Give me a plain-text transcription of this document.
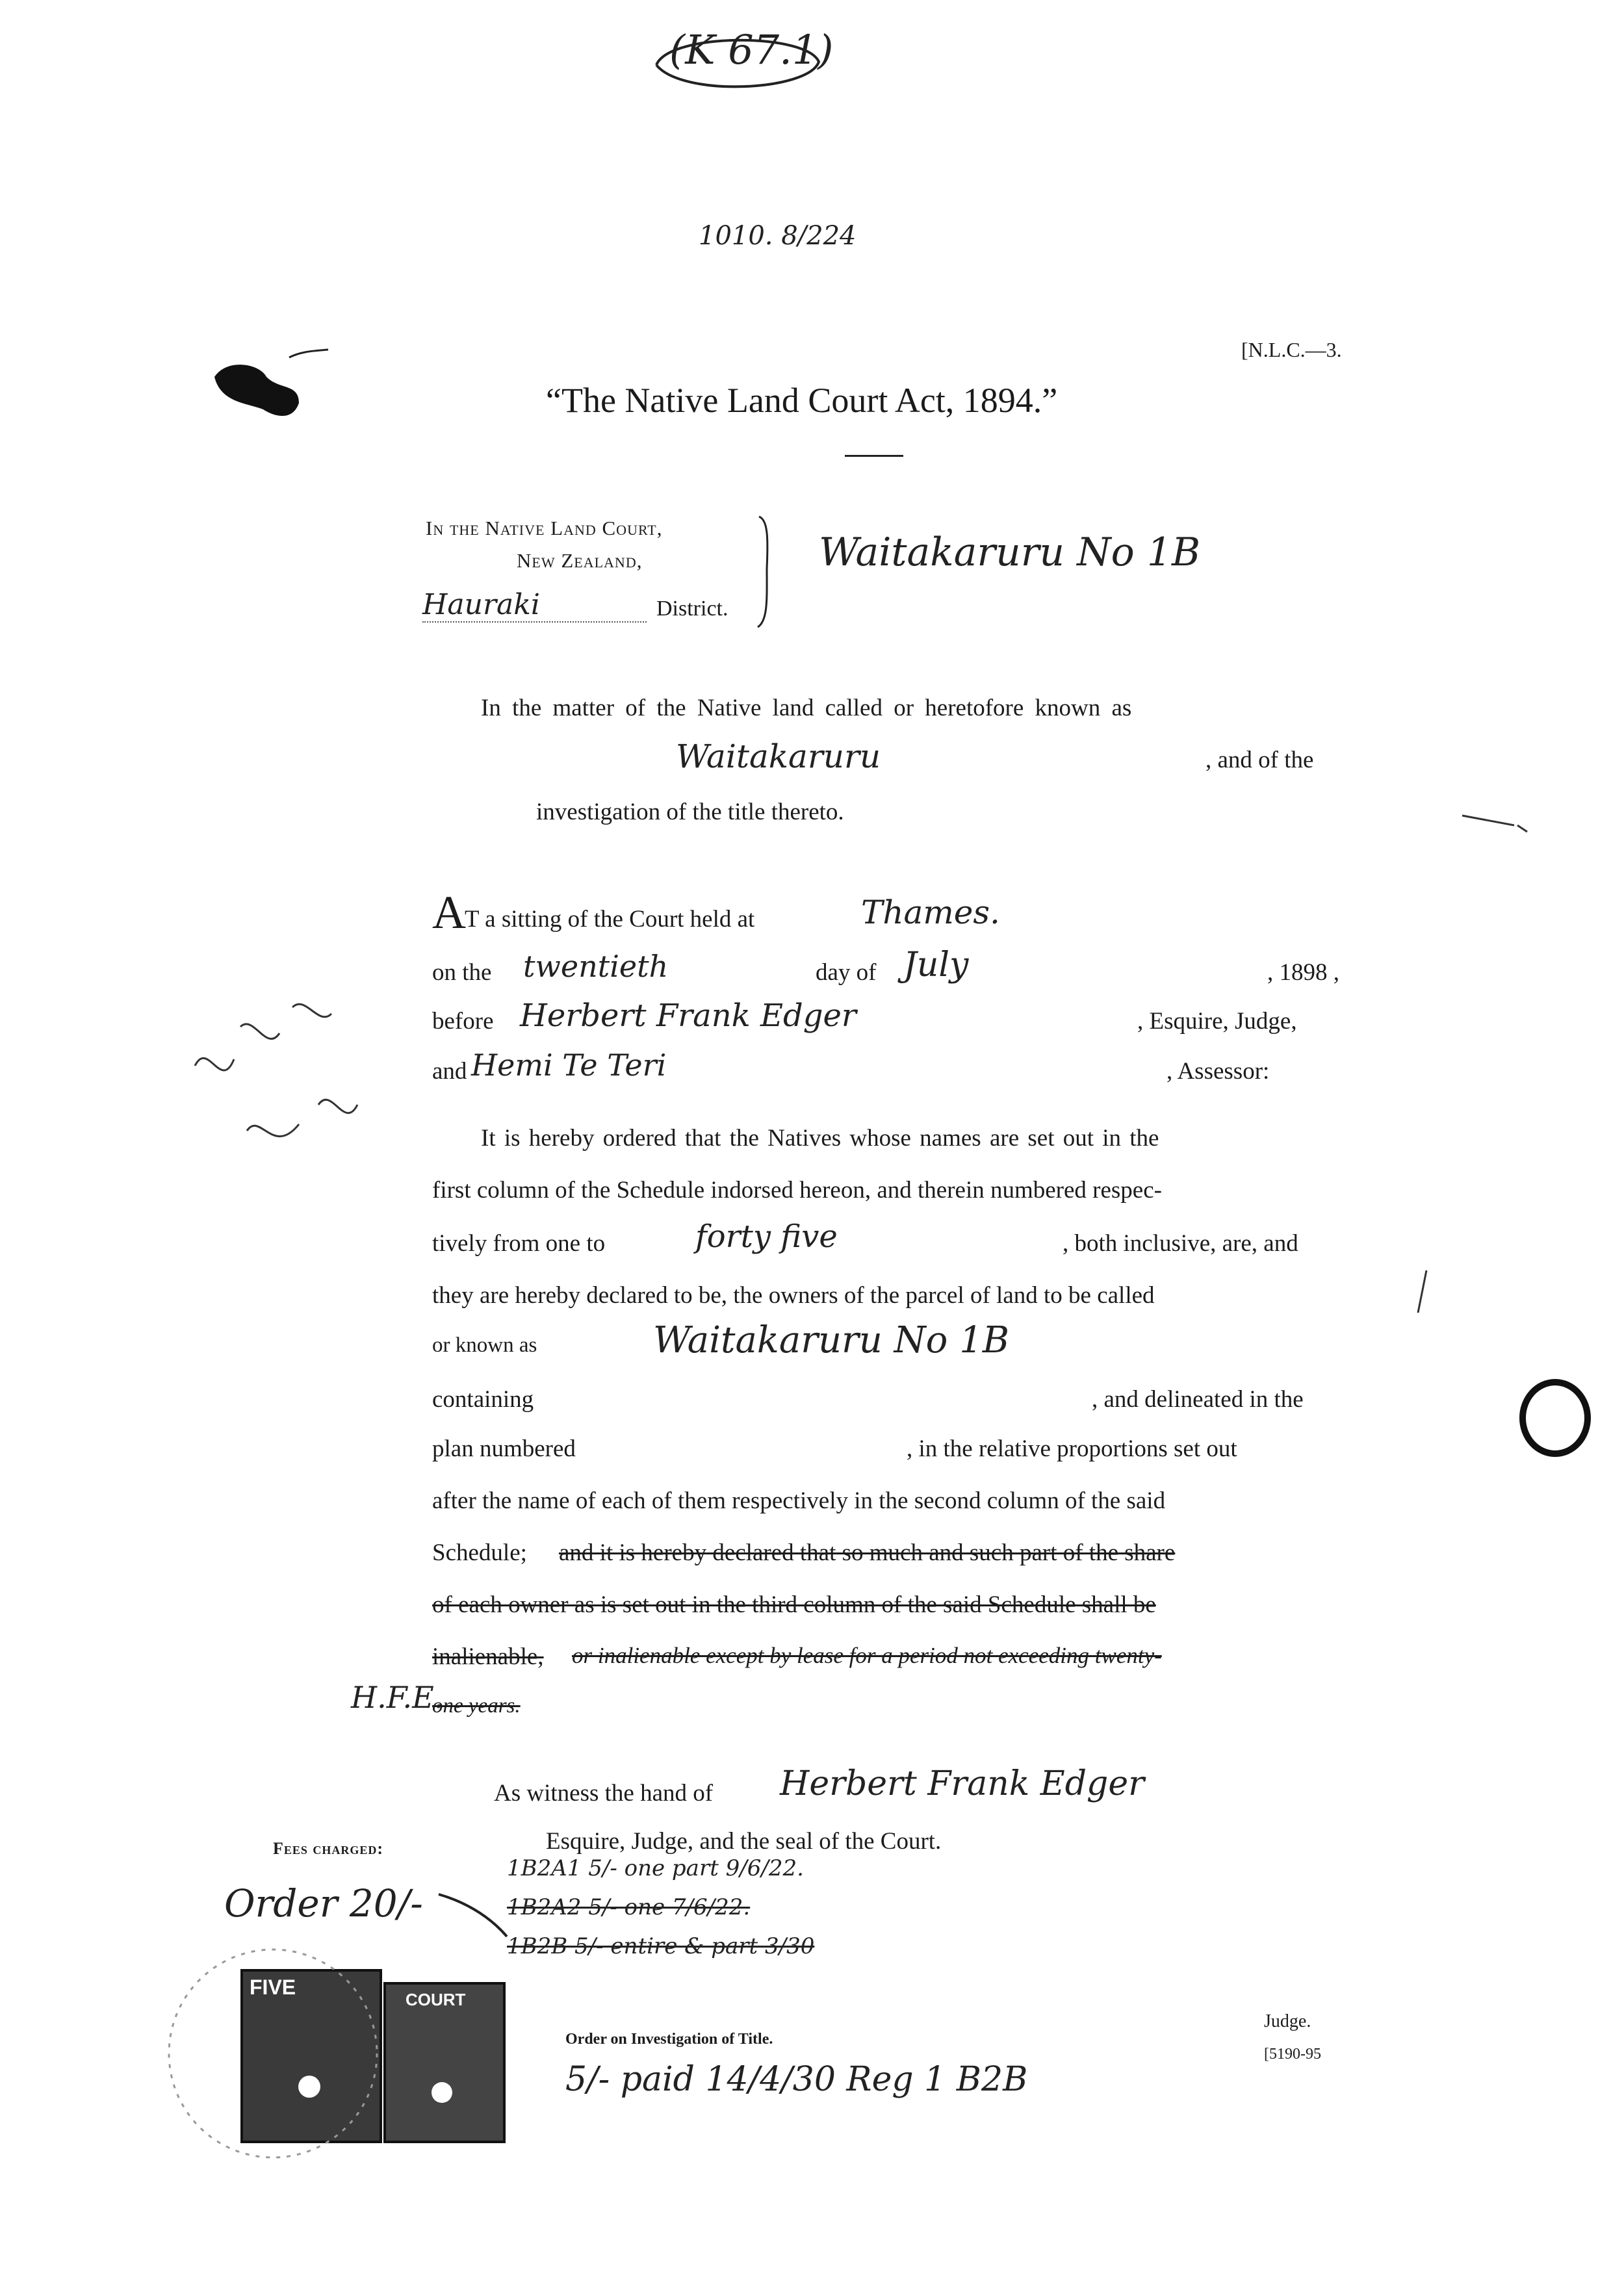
(K 67.1)
1010. 8/224
[N.L.C.—3.
“The Native Land Court Act, 1894.”
In the Native Land Court,
New Zealand,
Hauraki	District.
Waitakaruru No 1B
In the matter of the Native land called or heretofore known as
Waitakaruru	, and of the
investigation of the title thereto.
A
T a sitting of the Court held at	Thames.
on the twentieth	day of July	, 1898 ,
before Herbert Frank Edger	, Esquire, Judge,
and Hemi Te Teri	, Assessor:
It is hereby ordered that the Natives whose names are set out in the
first column of the Schedule indorsed hereon, and therein numbered respec-
tively from one to	forty five	, both inclusive, are, and
they are hereby declared to be, the owners of the parcel of land to be called
or known as	Waitakaruru No 1B
containing	, and delineated in the
plan numbered	, in the relative proportions set out
after the name of each of them respectively in the second column of the said
Schedule; and it is hereby declared that so much and such part of the share
of each owner as is set out in the third column of the said Schedule shall be
inalienable, or inalienable except by lease for a period not exceeding twenty-
one years.
H.F.E.
As witness the hand of Herbert Frank Edger
Esquire, Judge, and the seal of the Court.
Fees charged:
Order 20/-
1B2A1 5/- one part 9/6/22.
1B2A2 5/- one 7/6/22.
1B2B 5/- entire & part 3/30
FIVE
COURT
Order on Investigation of Title.
5/- paid 14/4/30 Reg 1 B2B
Judge.
[5190-95
